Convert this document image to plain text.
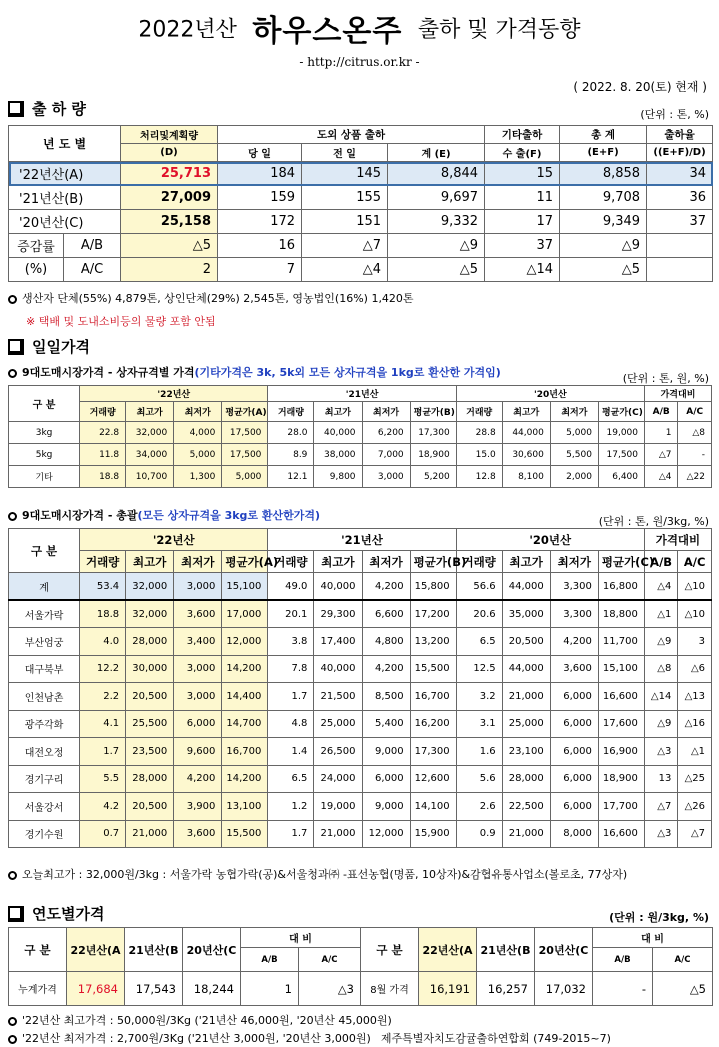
2022년산 하우스온주 출하 및 가격동향
- http://citrus.or.kr -
( 2022. 8. 20(토) 현재 )
출 하 량	(단위 : 톤, %)
년 도 별		처리및계획량	도외 상품 출하			기타출하	총 계	출하율
		(D)	당 일	전 일	계 (E)	수 출(F)	(E+F)	((E+F)/D)
'22년산(A)		25,713	184	145	8,844	15	8,858	34
'21년산(B)		27,009	159	155	9,697	11	9,708	36
'20년산(C)		25,158	172	151	9,332	17	9,349	37
증감률	A/B	△5	16	△7	△9	37	△9	
(%)	A/C	2	7	△4	△5	△14	△5	
생산자 단체(55%) 4,879톤, 상인단체(29%) 2,545톤, 영농법인(16%) 1,420톤
※ 택배 및 도내소비등의 물량 포함 안됨
일일가격
9대도매시장가격 - 상자규격별 가격(기타가격은 3k, 5k외 모든 상자규격을 1kg로 환산한 가격임)	(단위 : 톤, 원, %)
구 분	'22년산				'21년산				'20년산				가격대비	
	거래량	최고가	최저가	평균가(A)	거래량	최고가	최저가	평균가(B)	거래량	최고가	최저가	평균가(C)	A/B	A/C
3kg	22.8	32,000	4,000	17,500	28.0	40,000	6,200	17,300	28.8	44,000	5,000	19,000	1	△8
5kg	11.8	34,000	5,000	17,500	8.9	38,000	7,000	18,900	15.0	30,600	5,500	17,500	△7	-
기타	18.8	10,700	1,300	5,000	12.1	9,800	3,000	5,200	12.8	8,100	2,000	6,400	△4	△22
9대도매시장가격 - 총괄(모든 상자규격을 3kg로 환산한가격)	(단위 : 톤, 원/3kg, %)
구 분	'22년산				'21년산				'20년산				가격대비	
	거래량	최고가	최저가	평균가(A)	거래량	최고가	최저가	평균가(B)	거래량	최고가	최저가	평균가(C)	A/B	A/C
계	53.4	32,000	3,000	15,100	49.0	40,000	4,200	15,800	56.6	44,000	3,300	16,800	△4	△10
서울가락	18.8	32,000	3,600	17,000	20.1	29,300	6,600	17,200	20.6	35,000	3,300	18,800	△1	△10
부산엄궁	4.0	28,000	3,400	12,000	3.8	17,400	4,800	13,200	6.5	20,500	4,200	11,700	△9	3
대구북부	12.2	30,000	3,000	14,200	7.8	40,000	4,200	15,500	12.5	44,000	3,600	15,100	△8	△6
인천남촌	2.2	20,500	3,000	14,400	1.7	21,500	8,500	16,700	3.2	21,000	6,000	16,600	△14	△13
광주각화	4.1	25,500	6,000	14,700	4.8	25,000	5,400	16,200	3.1	25,000	6,000	17,600	△9	△16
대전오정	1.7	23,500	9,600	16,700	1.4	26,500	9,000	17,300	1.6	23,100	6,000	16,900	△3	△1
경기구리	5.5	28,000	4,200	14,200	6.5	24,000	6,000	12,600	5.6	28,000	6,000	18,900	13	△25
서울강서	4.2	20,500	3,900	13,100	1.2	19,000	9,000	14,100	2.6	22,500	6,000	17,700	△7	△26
경기수원	0.7	21,000	3,600	15,500	1.7	21,000	12,000	15,900	0.9	21,000	8,000	16,600	△3	△7
오늘최고가 : 32,000원/3kg : 서울가락 농협가락(공)&서울청과㈜ -표선농협(명품, 10상자)&감협유통사업소(볼로초, 77상자)
연도별가격	(단위 : 원/3kg, %)
구 분	22년산(A	21년산(B	20년산(C	대 비		구 분	22년산(A	21년산(B	20년산(C	대 비	
				A/B	A/C					A/B	A/C
누계가격	17,684	17,543	18,244	1	△3	8월 가격	16,191	16,257	17,032	-	△5
'22년산 최고가격 : 50,000원/3Kg ('21년산 46,000원, '20년산 45,000원)
'22년산 최저가격 : 2,700원/3Kg ('21년산 3,000원, '20년산 3,000원) 제주특별자치도감귤출하연합회 (749-2015~7)
